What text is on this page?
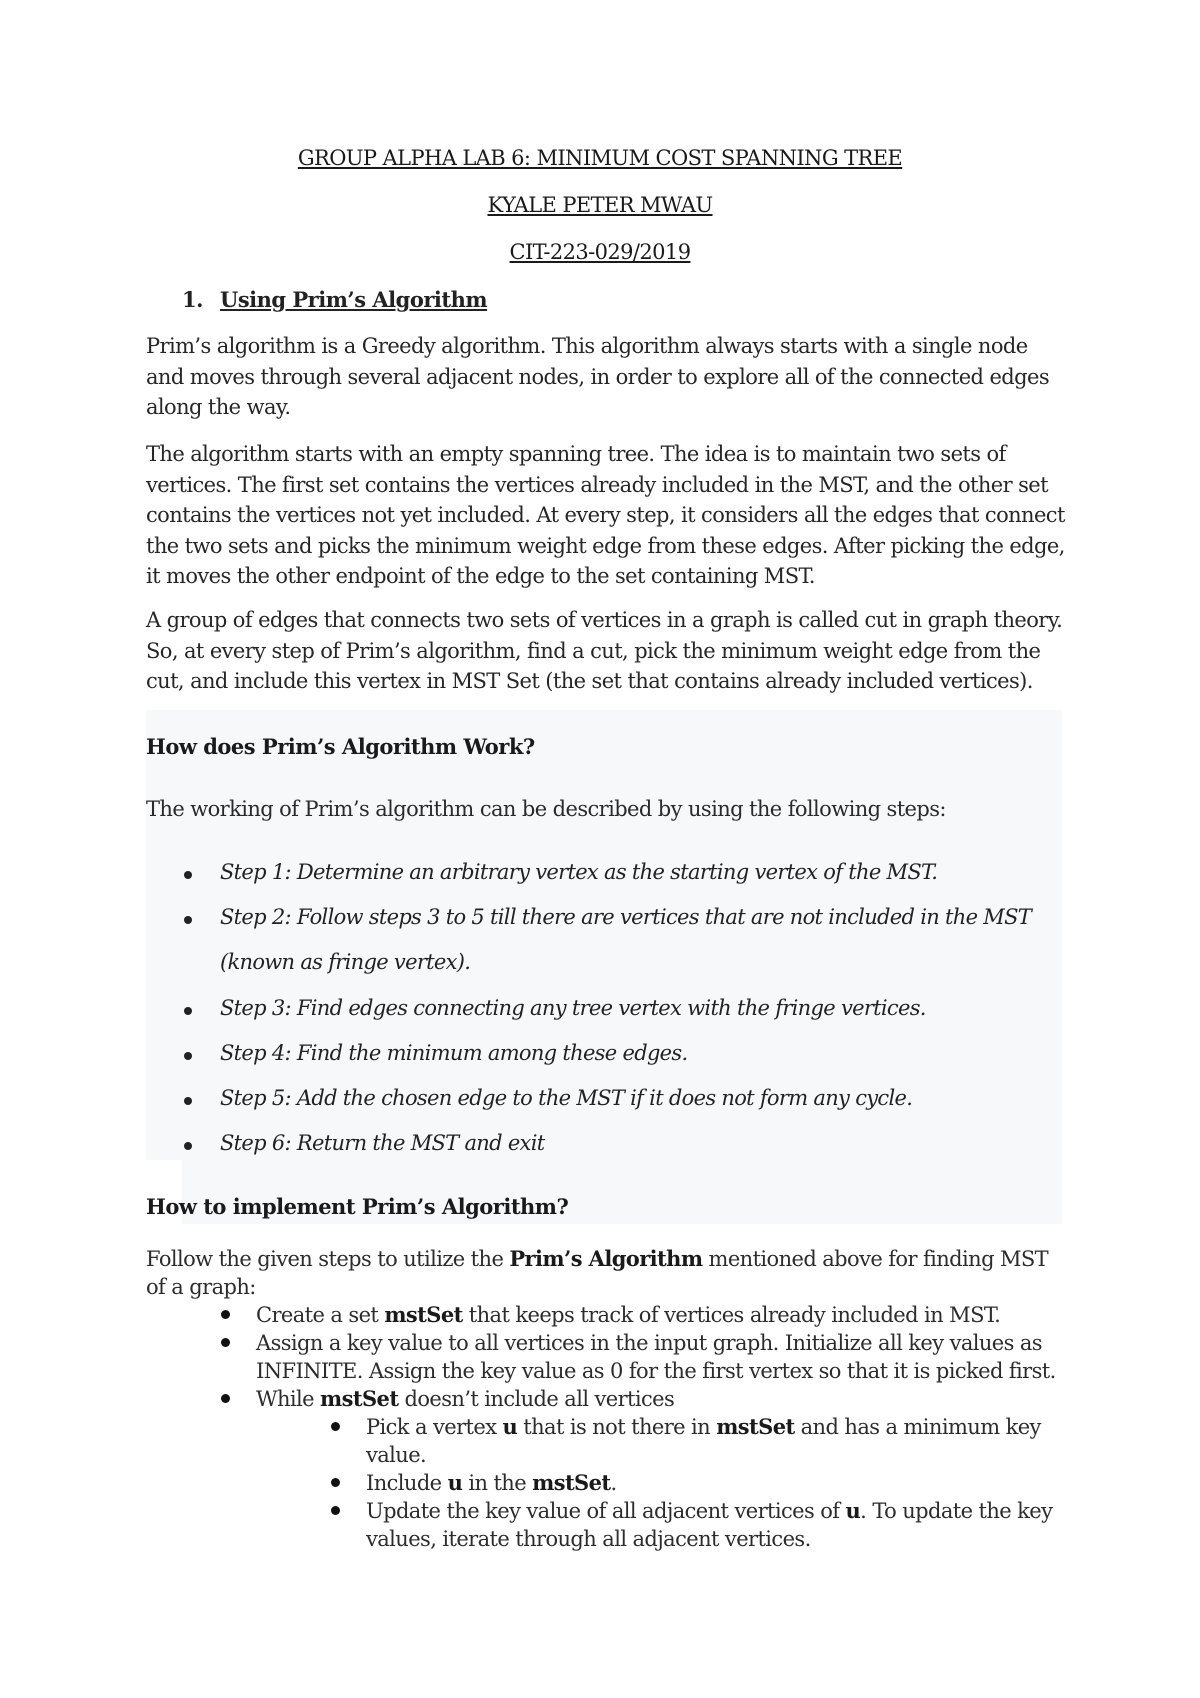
GROUP ALPHA LAB 6: MINIMUM COST SPANNING TREE
KYALE PETER MWAU
CIT-223-029/2019
1. Using Prim’s Algorithm
Prim’s algorithm is a Greedy algorithm. This algorithm always starts with a single node and moves through several adjacent nodes, in order to explore all of the connected edges along the way.
The algorithm starts with an empty spanning tree. The idea is to maintain two sets of vertices. The first set contains the vertices already included in the MST, and the other set contains the vertices not yet included. At every step, it considers all the edges that connect the two sets and picks the minimum weight edge from these edges. After picking the edge, it moves the other endpoint of the edge to the set containing MST.
A group of edges that connects two sets of vertices in a graph is called cut in graph theory. So, at every step of Prim’s algorithm, find a cut, pick the minimum weight edge from the cut, and include this vertex in MST Set (the set that contains already included vertices).
How does Prim’s Algorithm Work?
The working of Prim’s algorithm can be described by using the following steps:
Step 1: Determine an arbitrary vertex as the starting vertex of the MST.
Step 2: Follow steps 3 to 5 till there are vertices that are not included in the MST
(known as fringe vertex).
Step 3: Find edges connecting any tree vertex with the fringe vertices.
Step 4: Find the minimum among these edges.
Step 5: Add the chosen edge to the MST if it does not form any cycle.
Step 6: Return the MST and exit
How to implement Prim’s Algorithm?
Follow the given steps to utilize the Prim’s Algorithm mentioned above for finding MST
of a graph:
Create a set mstSet that keeps track of vertices already included in MST.
Assign a key value to all vertices in the input graph. Initialize all key values as
INFINITE. Assign the key value as 0 for the first vertex so that it is picked first.
While mstSet doesn’t include all vertices
Pick a vertex u that is not there in mstSet and has a minimum key
value.
Include u in the mstSet.
Update the key value of all adjacent vertices of u. To update the key
values, iterate through all adjacent vertices.
